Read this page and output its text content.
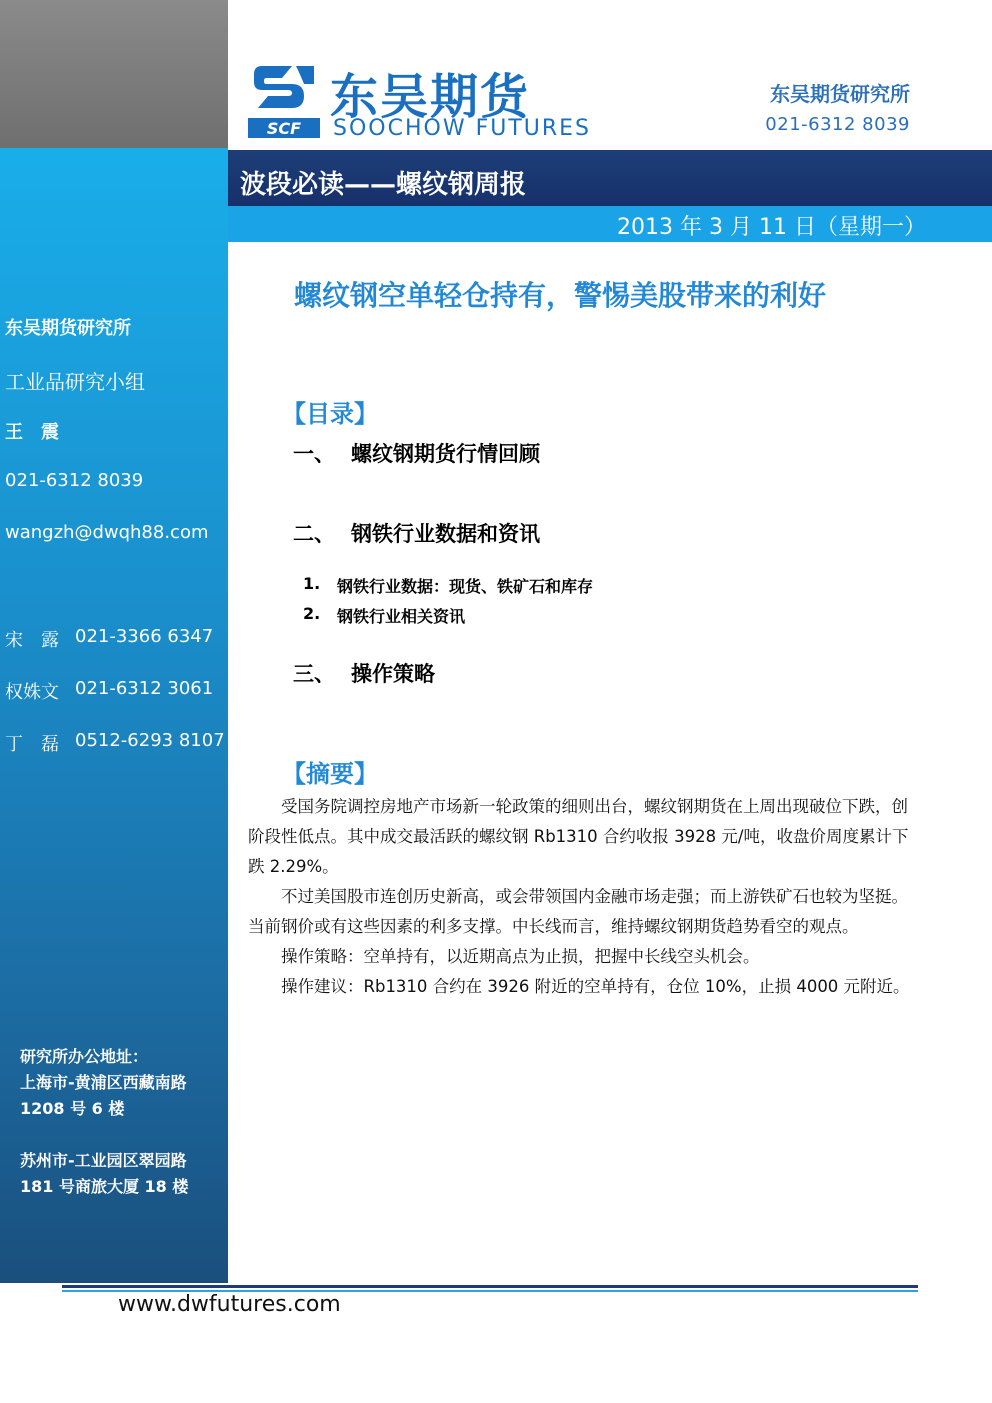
SCF
东吴期货
SOOCHOW FUTURES
东吴期货研究所
021-6312 8039
波段必读——螺纹钢周报
2013 年 3 月 11 日（星期一）
螺纹钢空单轻仓持有，警惕美股带来的利好
东吴期货研究所
工业品研究小组
王　震
021-6312 8039
wangzh@dwqh88.com
宋　露 021-3366 6347
权姝文 021-6312 3061
丁　磊 0512-6293 8107
研究所办公地址：
上海市-黄浦区西藏南路
1208 号 6 楼
苏州市-工业园区翠园路
181 号商旅大厦 18 楼
【目录】
一、 螺纹钢期货行情回顾
二、 钢铁行业数据和资讯
1. 钢铁行业数据：现货、铁矿石和库存
2. 钢铁行业相关资讯
三、 操作策略
【摘要】

受国务院调控房地产市场新一轮政策的细则出台，螺纹钢期货在上周出现破位下跌，创阶段性低点。其中成交最活跃的螺纹钢 Rb1310 合约收报 3928 元/吨，收盘价周度累计下跌 2.29%。

不过美国股市连创历史新高，或会带领国内金融市场走强；而上游铁矿石也较为坚挺。当前钢价或有这些因素的利多支撑。中长线而言，维持螺纹钢期货趋势看空的观点。

操作策略：空单持有，以近期高点为止损，把握中长线空头机会。

操作建议：Rb1310 合约在 3926 附近的空单持有，仓位 10%，止损 4000 元附近。

www.dwfutures.com
